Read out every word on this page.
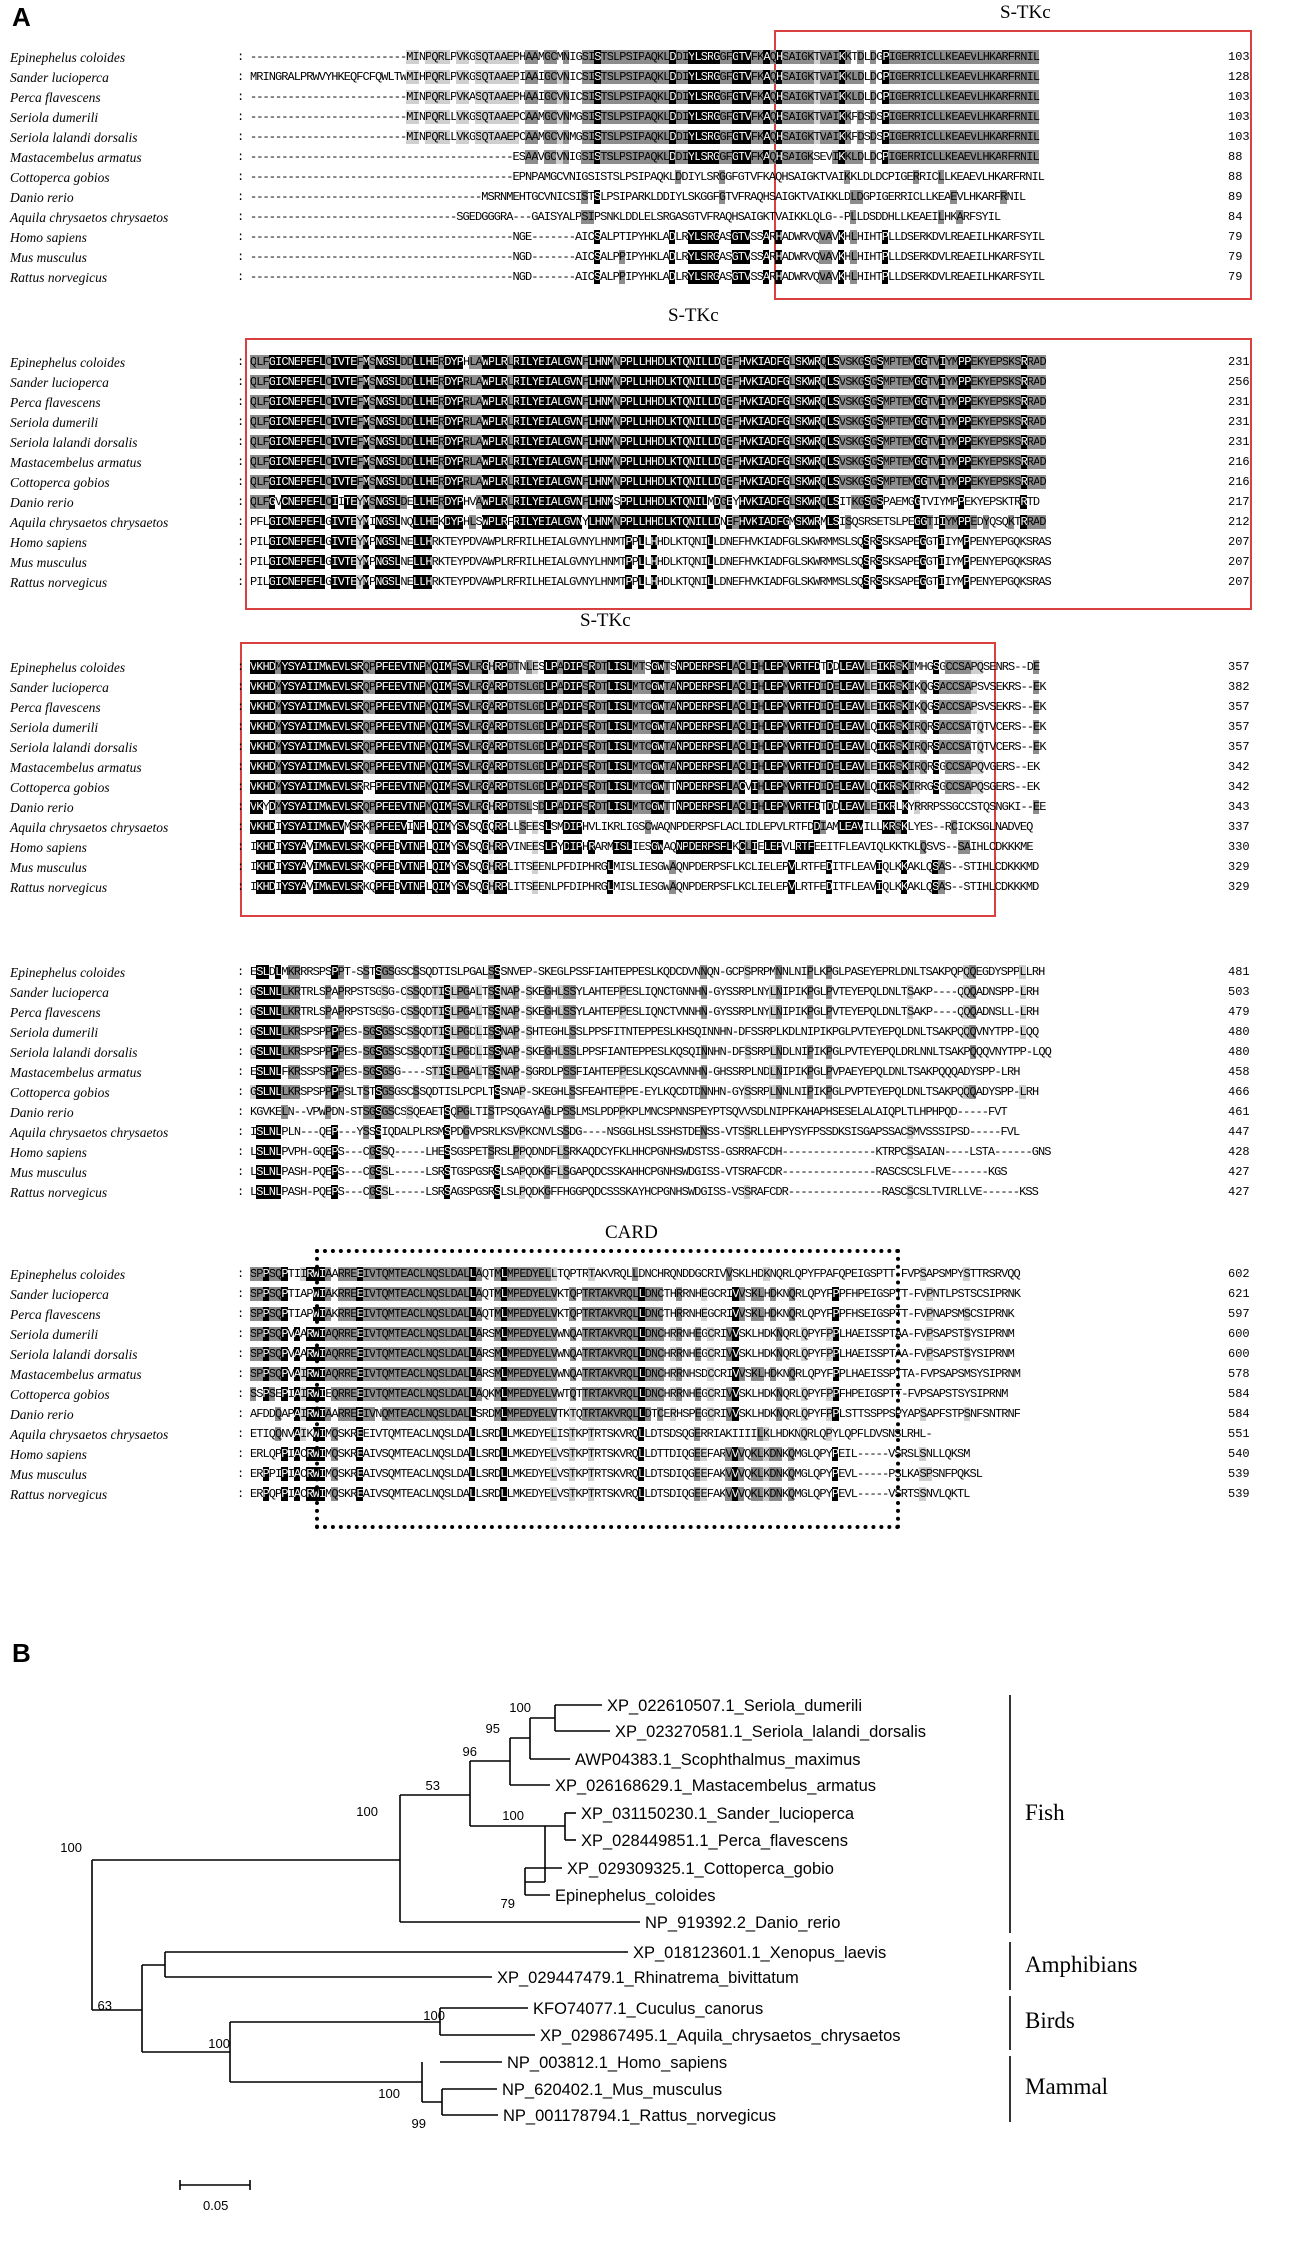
A	S-TKc
S-TKc
S-TKc
CARD
Epinephelus coloides	: -------------------------MINPQRLPVKGSQTAAEPHAAMGCMNIGSISTSLPSIPAQKLDDIYLSRGGFGTVFKAQHSAIGKTVAIKKTDLDGPIGERRICLLKEAEVLHKARFRNIL	103
Sander lucioperca	: MRINGRALPRWVYHKEQFCFQWLTWMIHPQRLPVKGSQTAAEPIAAIGCVNICSISTSLPSIPAQKLDDIYLSRGGFGTVFKAQHSAIGKTVAIKKLDLDCPIGERRICLLKEAEVLHKARFRNIL	128
Perca flavescens	: -------------------------MINPQRLPVKASQTAAEPHAAIGCVNICSISTSLPSIPAQKLDDIYLSRGGFGTVFKAQHSAIGKTVAIKKLDLDCPIGERRICLLKEAEVLHKARFRNIL	103
Seriola dumerili	: -------------------------MINPQRLLVKGSQTAAEPCAAMGCVNMGSISTSLPSIPAQKLDDIYLSRGGFGTVFKAQHSAIGKTVAIKKFDSDSPIGERRICLLKEAEVLHKARFRNIL	103
Seriola lalandi dorsalis	: -------------------------MINPQRLLVKGSQTAAEPCAAMGCVNMGSISTSLPSIPAQKLDDIYLSRGGFGTVFKAQHSAIGKTVAIKKFDSDSPIGERRICLLKEAEVLHKARFRNIL	103
Mastacembelus armatus	: ------------------------------------------ESAAVGCVNIGSISTSLPSIPAQKLDDIYLSRGGFGTVFKAQHSAIGKSEVIKKLDLDCPIGERRICLLKEAEVLHKARFRNIL	88
Cottoperca gobios	: ------------------------------------------EPNPAMGCVNIGSISTSLPSIPAQKLDDIYLSRGGFGTVFKAQHSAIGKTVAIKKLDLDCPIGERRICLLKEAEVLHKARFRNIL	88
Danio rerio	: -------------------------------------MSRNMEHTGCVNICSISTSLPSIPARKLDDIYLSKGGFGTVFRAQHSAIGKTVAIKKLDLDGPIGERRICLLKEAEVLHKARFRNIL	89
Aquila chrysaetos chrysaetos	: ---------------------------------SGEDGGGRA---GAISYALPSIPSNKLDDLELSRGASGTVFRAQHSAIGKTVAIKKLQLG--PLLDSDDHLLKEAEILHKARFSYIL	84
Homo sapiens	: ------------------------------------------NGE-------AICSALPTIPYHKLADLRYLSRGASGTVSSARHADWRVQVAVKHLHIHTPLLDSERKDVLREAEILHKARFSYIL	79
Mus musculus	: ------------------------------------------NGD-------AICSALPPIPYHKLADLRYLSRGASGTVSSARHADWRVQVAVKHLHIHTPLLDSERKDVLREAEILHKARFSYIL	79
Rattus norvegicus	: ------------------------------------------NGD-------AICSALPPIPYHKLADLRYLSRGASGTVSSARHADWRVQVAVKHLHIHTPLLDSERKDVLREAEILHKARFSYIL	79
Epinephelus coloides	: QLFGICNEPEFLCIVTEFMSNGSLDDLLHERDYPHLAWPLRLRILYEIALGVNFLHNMNPPLLHHDLKTQNILLDGEFHVKIADFGLSKWRQLSVSKGSGSMPTEMGGTVIYMPPEKYEPSKSRRAD	231
Sander lucioperca	: QLFGICNEPEFLCIVTEFMSNGSLDDLLHERDYPRLAWPLRLRILYEIALGVNFLHNMNPPLLHHDLKTQNILLDGEFHVKIADFGLSKWRQLSVSKGSGSMPTEMGGTVIYMPPEKYEPSKSRRAD	256
Perca flavescens	: QLFGICNEPEFLCIVTEFMSNGSLDDLLHERDYPRLAWPLRLRILYEIALGVNFLHNMNPPLLHHDLKTQNILLDGEFHVKIADFGLSKWRQLSVSKGSGSMPTEMGGTVIYMPPEKYEPSKSRRAD	231
Seriola dumerili	: QLFGICNEPEFLCIVTEFMSNGSLDDLLHERDYPRLAWPLRLRILYEIALGVNFLHNMNPPLLHHDLKTQNILLDGEFHVKIADFGLSKWRQLSVSKGSGSMPTEMGGTVIYMPPEKYEPSKSRRAD	231
Seriola lalandi dorsalis	: QLFGICNEPEFLCIVTEFMSNGSLDDLLHERDYPRLAWPLRLRILYEIALGVNFLHNMNPPLLHHDLKTQNILLDGEFHVKIADFGLSKWRQLSVSKGSGSMPTEMGGTVIYMPPEKYEPSKSRRAD	231
Mastacembelus armatus	: QLFGICNEPEFLCIVTEFMSNGSLDDLLHERDYPRLAWPLRLRILYEIALGVNFLHNMNPPLLHHDLKTQNILLDGEFHVKIADFGLSKWRQLSVSKGSGSMPTEMGGTVIYMPPEKYEPSKSRRAD	216
Cottoperca gobios	: QLFGICNEPEFLCIVTEFMSNGSLDDLLHERDYPRLAWPLRLRILYEIALGVNFLHNMNPPLLHHDLKTQNILLDGEFHVKIADFGLSKWRQLSVSKGSGSMPTEMGGTVIYMPPEKYEPSKSRRAD	216
Danio rerio	: QLFGVCNEPEFLCIITEYMSNGSLDELLHERDYPHVAWPLRLRILYEIALGVNFLHNMSPPLLHHDLKTQNILMDGEYHVKIADFGLSKWRQLSITKGSGSPAEMGGTVIYMPPEKYEPSKTRRTD	217
Aquila chrysaetos chrysaetos	: PFLGICNEPEFLGIVTEYMINGSLNQLLHEKDYPHLSWPLRFRILYEIALGVNYLHNMNPPLLHHDLKTQNILLDNEFHVKIADFGMSKWRMLSISQSRSETSLPEGGTIIYMPPEDYQSQKTRRAD	212
Homo sapiens	: PILGICNEPEFLGIVTEYMPNGSLNELLHRKTEYPDVAWPLRFRILHEIALGVNYLHNMTPPLLHHDLKTQNILLDNEFHVKIADFGLSKWRMMSLSQSRSSKSAPEGGTIIYMPPENYEPGQKSRAS	207
Mus musculus	: PILGICNEPEFLGIVTEYMPNGSLNELLHRKTEYPDVAWPLRFRILHEIALGVNYLHNMTPPLLHHDLKTQNILLDNEFHVKIADFGLSKWRMMSLSQSRSSKSAPEGGTIIYMPPENYEPGQKSRAS	207
Rattus norvegicus	: PILGICNEPEFLGIVTEYMPNGSLNELLHRKTEYPDVAWPLRFRILHEIALGVNYLHNMTPPLLHHDLKTQNILLDNEFHVKIADFGLSKWRMMSLSQSRSSKSAPEGGTIIYMPPENYEPGQKSRAS	207
Epinephelus coloides	: VKHDMYSYAIIMWEVLSRQPPFEEVTNPMQIMFSVLRGHRPDTNLESLPADIPSRDTLISLMTSGWTSNPDERPSFLACLIHLEPMVRTFDTDDLEAVLEIKRSKIMHGSGCCSAPQSENRS--DE	357
Sander lucioperca	: VKHDMYSYAIIMWEVLSRQPPFEEVTNPMQIMFSVLRGARPDTSLGDLPADIPSRDTLISLMTCGWTANPDERPSFLACLIHLEPMVRTFDIDELEAVLEIKRSKIKQGSACCSAPSVSEKRS--EK	382
Perca flavescens	: VKHDMYSYAIIMWEVLSRQPPFEEVTNPMQIMFSVLRGARPDTSLGDLPADIPSRDTLISLMTCGWTANPDERPSFLACLIHLEPMVRTFDIDELEAVLEIKRSKIKQGSACCSAPSVSEKRS--EK	357
Seriola dumerili	: VKHDMYSYAIIMWEVLSRQPPFEEVTNPMQIMFSVLRGARPDTSLGDLPADIPSRDTLISLMTCGWTANPDERPSFLACLIHLEPMVRTFDIDELEAVLQIKRSKIRQRSACCSATQTVCERS--EK	357
Seriola lalandi dorsalis	: VKHDMYSYAIIMWEVLSRQPPFEEVTNPMQIMFSVLRGARPDTSLGDLPADIPSRDTLISLMTCGWTANPDERPSFLACLIHLEPMVRTFDIDELEAVLQIKRSKIRQRSACCSATQTVCERS--EK	357
Mastacembelus armatus	: VKHDMYSYAIIMWEVLSRQPPFEEVTNPMQIMFSVLRGARPDTSLGDLPADIPSRDTLISLMTCGWTANPDERPSFLACLIHLEPMVRTFDIDELEAVLEIKRSKIRQRSGCCSAPQVGERS--EK	342
Cottoperca gobios	: VKHDMYSYAIIMWEVLSRRFPFEEVTNPMQIMFSVLRGARPDTSLGDLPADIPSRDTLISLMTCGWTTNPDERPSFLACVIHLEPMVRTFDIDELEAVLQIKRSKIRRGSGCCSAPQSGERS--EK	342
Danio rerio	: VKYDMYSYAIIMWEVLSRQPPFEEVTNPMQIMFSVLRGHRPDTSLSDLPADIPSRDTLISLMTCGWTTNPDERPSFLACLIHLEPMVRTFDTDDLEAVLEIKRLKYRRRPSSGCCSTQSNGKI--EE	343
Aquila chrysaetos chrysaetos	: VKHDIYSYAIIMWEVMSRKPPFEEVINPLQIMYSVSQGQRPLLSEESLSMDIPHVLIKRLIGSCWAQNPDERPSFLACLIDLEPVLRTFDDIAMLEAVILLKRSKLYES--RCICKSGLNADVEQ	337
Homo sapiens	: IKHDIYSYAVIMWEVLSRKQPFEDVTNPLQIMYSVSQGHRPVINEESLPYDIPHRARMISLIESGWAQNPDERPSFLKCLIELEPVLRTFEEITFLEAVIQLKKTKLQSVS--SAIHLCDKKKME	330
Mus musculus	: IKHDIYSYAVIMWEVLSRKQPFEDVTNPLQIMYSVSQGHRPLITSEENLPFDIPHRGLMISLIESGWAQNPDERPSFLKCLIELEPVLRTFEDITFLEAVIQLKKAKLQSAS--STIHLCDKKKMD	329
Rattus norvegicus	: IKHDIYSYAVIMWEVLSRKQPFEDVTNPLQIMYSVSQGHRPLITSEENLPFDIPHRGLMISLIESGWAQNPDERPSFLKCLIELEPVLRTFEDITFLEAVIQLKKAKLQSAS--STIHLCDKKKMD	329
Epinephelus coloides	: ESLDLMKRRRSPSPPT-SSTSGSGSCSSQDTISLPGALSSSNVEP-SKEGLPSSFIAHTEPPESLKQDCDVNNQN-GCPSPRPMNNLNIPLKPGLPASEYEPRLDNLTSAKPQPQQEGDYSPPLLRH	481
Sander lucioperca	: GSLNLLKRTRLSPAPRPSTSGSG-CSSQDTISLPGALTSSNAP-SKEGHLSSYLAHTEPPESLIQNCTGNNHN-GYSSRPLNYLNIPIKPGLPVTEYEPQLDNLTSAKP----QQQADNSPP-LRH	503
Perca flavescens	: GSLNLLKRTRLSPAPRPSTSGSG-CSSQDTISLPGALTSSNAP-SKEGHLSSYLAHTEPPESLIQNCTVNNHN-GYSSRPLNYLNIPIKPGLPVTEYEPQLDNLTSAKP----QQQADNSLL-LRH	479
Seriola dumerili	: GSLNLLKRSPSPPPPES-SGSGSSCSSQDTISLPGDLISSNAP-SHTEGHLSSLPPSFITNTEPPESLKHSQINNHN-DFSSRPLKDLNIPIKPGLPVTEYEPQLDNLTSAKPQQQVNYTPP-LQQ	480
Seriola lalandi dorsalis	: GSLNLLKRSPSPPPPES-SGSGSSCSSQDTISLPGDLISSNAP-SKEGHLSSLPPSFIANTEPPESLKQSQINNHN-DFSSRPLNDLNIPIKPGLPVTEYEPQLDRLNNLTSAKPQQQVNYTPP-LQQ	480
Mastacembelus armatus	: ESLNLFKRSSPSPPPES-SGSGSG----STISLPGALTSSNAP-SGRDLPSSFIAHTEPPESLKQSCAVNNHN-GHSSRPLNDLNIPIKPGLPVPAEYEPQLDNLTSAKPQQQADYSPP-LRH	458
Cottoperca gobios	: GSLNLLKRSPSPPPPSLTSTSGSGSCSSQDTISLPCPLTSSNAP-SKEGHLSSFEAHTEPPE-EYLKQCDTDNNHN-GYSSRPLNNLNIPIKPGLPVPTEYEPQLDNLTSAKPQQQADYSPP-LRH	466
Danio rerio	: KGVKELN--VPWPDN-STSGSGSCSSQEAETSQPGLTISTPSQGAYAGLPSSLMSLPDPPKPLMNCSPNNSPEYPTSQVVSDLNIPFKAHAPHSESELALAIQPLTLHPHPQD-----FVT	461
Aquila chrysaetos chrysaetos	: ISLNLPLN---QEP---YSSSIQDALPLRSMSPDGVPSRLKSVPKCNVLSSDG----NSGGLHSLSSHSTDENSS-VTSSRLLEHPYSYFPSSDKSISGAPSSACSMVSSSIPSD-----FVL	447
Homo sapiens	: LSLNLPVPH-GQEPS---CGSSQ-----LHESSGSPETSRSLPPQDNDFLSRKAQDCYFKLHHCPGNHSWDSTSS-GSRRAFCDH---------------KTRPCSSAIAN----LSTA------GNS	428
Mus musculus	: LSLNLPASH-PQEPS---CGSSL-----LSRSTGSPGSRSLSAPQDKGFLSGAPQDCSSKAHHCPGNHSWDGISS-VTSRAFCDR---------------RASCSCSLFLVE------KGS	427
Rattus norvegicus	: LSLNLPASH-PQEPS---CGSSL-----LSRSAGSPGSRSLSLPQDKGFFHGGPQDCSSSKAYHCPGNHSWDGISS-VSSRAFCDR---------------RASCSCSLTVIRLLVE------KSS	427
Epinephelus coloides	: SPPSQPTIIRWIAARREEIVTQMTEACLNQSLDALLAQTMLMPEDYELLTQPTRTAKVRQLLDNCHRQNDDGCRIVVSKLHDKNQRLQPYFPAFQPEIGSPTT-FVPSAPSMPYSTTRSRVQQ	602
Sander lucioperca	: SPPSQPTIAPWIAKRREEIVTQMTEACLNQSLDALLAQTMLMPEDYELVKTQPTRTAKVRQLLDNCTHRRNHEGCRIVVSKLHDKNQRLQPYFPPFHPEIGSPTT-FVPNTLPSTSCSIPRNK	621
Perca flavescens	: SPPSQPTIAPWIAKRREEIVTQMTEACLNQSLDALLAQTMLMPEDYELVKTQPTRTAKVRQLLDNCTHRRNHEGCRIVVSKLHDKNQRLQPYFPPFHSEIGSPTT-FVPNAPSMSCSIPRNK	597
Seriola dumerili	: SPPSQPVAARWIAQRREEIVTQMTEACLNQSLDALLARSMLMPEDYELVWNQATRTAKVRQLLDNCHRRNHEGCRIVVSKLHDKNQRLQPYFPPLHAEISSPTAA-FVPSAPSTSYSIPRNM	600
Seriola lalandi dorsalis	: SPPSQPVAARWIAQRREEIVTQMTEACLNQSLDALLARSMLMPEDYELVWNQATRTAKVRQLLDNCHRRNHEGCRIVVSKLHDKNQRLQPYFPPLHAEISSPTAA-FVPSAPSTSYSIPRNM	600
Mastacembelus armatus	: SPPSQPVAIRWIAQRREEIVTQMTEACLNQSLDALLARSMLMPEDYELVWNQATRTAKVRQLLDNCHRRNHSDCCRIVVSKLHDKNQRLQPYFPPLHAEISSPTTA-FVPSAPSMSYSIPRNM	578
Cottoperca gobios	: SSPSEPIAIRWIEQRREEIVTQMTEACLNQSLDALLAQKMLMPEDYELVWTQTTRTAKVRQLLDNCHRRNHEGCRIVVSKLHDKNQRLQPYFPPFHPEIGSPTT-FVPSAPSTSYSIPRNM	584
Danio rerio	: AFDDQAPAIRWIAARREEIVNQMTEACLNQSLDALLSRDMLMPEDYELVTKTQTRTAKVRQLLDTCERHSPEGCRIVVSKLHDKNQRLQPYFPPLSTTSSPPSPYAPSAPFSTPSNFSNTRNF	584
Aquila chrysaetos chrysaetos	: ETIQQNVAIKWIMQSKREEIVTQMTEACLNQSLDALLSRDLLMKEDYELISTKPTRTSKVRQLLDTSDSQGERRIAKIIIILKLHDKNQRLQPYLQPFLDVSNSLRHL-	551
Homo sapiens	: ERLQPPIACRWIMQSKREAIVSQMTEACLNQSLDALLSRDLLMKEDYELVSTKPTRTSKVRQLLDTTDIQGEEFARVVVQKLKDNKQMGLQPYPEIL-----VSRSLSNLLQKSM	540
Mus musculus	: ERPPIPIACRWIMQSKREAIVSQMTEACLNQSLDALLSRDLLMKEDYELVSTKPTRTSKVRQLLDTSDIQGEEFAKVVVQKLKDNKQMGLQPYPEVL-----PSLKASPSNFPQKSL	539
Rattus norvegicus	: ERPQPPIACRWIMQSKREAIVSQMTEACLNQSLDALLSRDLLMKEDYELVSTKPTRTSKVRQLLDTSDIQGEEFAKVVVQKLKDNKQMGLQPYPEVL-----VSRTSSNVLQKTL	539
B
XP_022610507.1_Seriola_dumerili
XP_023270581.1_Seriola_lalandi_dorsalis
AWP04383.1_Scophthalmus_maximus
XP_026168629.1_Mastacembelus_armatus
XP_031150230.1_Sander_lucioperca
XP_028449851.1_Perca_flavescens
XP_029309325.1_Cottoperca_gobio
Epinephelus_coloides
NP_919392.2_Danio_rerio
XP_018123601.1_Xenopus_laevis
XP_029447479.1_Rhinatrema_bivittatum
KFO74077.1_Cuculus_canorus
XP_029867495.1_Aquila_chrysaetos_chrysaetos
NP_003812.1_Homo_sapiens
NP_620402.1_Mus_musculus
NP_001178794.1_Rattus_norvegicus
100
95
96
53
100
100
79
100
100
63
100
100
99
Fish
Amphibians
Birds
Mammal
0.05
